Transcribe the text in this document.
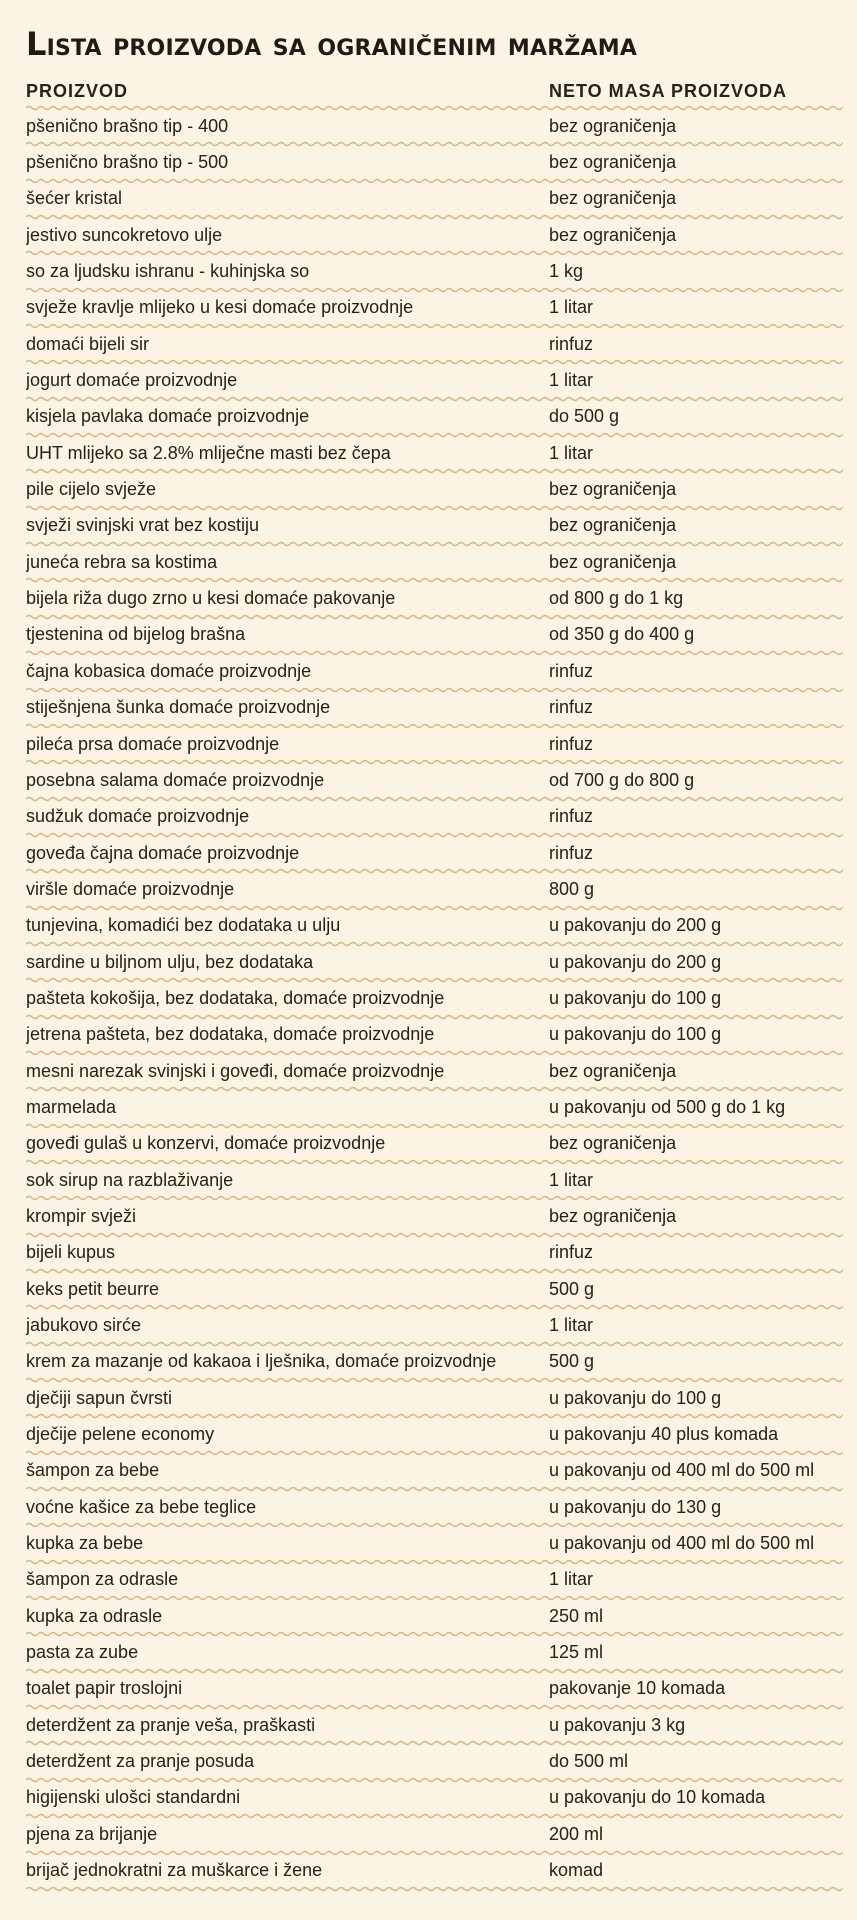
Lista proizvoda sa ograničenim maržama
PROIZVOD	NETO MASA PROIZVODA
pšenično brašno tip - 400	bez ograničenja
pšenično brašno tip - 500	bez ograničenja
šećer kristal	bez ograničenja
jestivo suncokretovo ulje	bez ograničenja
so za ljudsku ishranu - kuhinjska so	1 kg
svježe kravlje mlijeko u kesi domaće proizvodnje	1 litar
domaći bijeli sir	rinfuz
jogurt domaće proizvodnje	1 litar
kisjela pavlaka domaće proizvodnje	do 500 g
UHT mlijeko sa 2.8% mliječne masti bez čepa	1 litar
pile cijelo svježe	bez ograničenja
svježi svinjski vrat bez kostiju	bez ograničenja
juneća rebra sa kostima	bez ograničenja
bijela riža dugo zrno u kesi domaće pakovanje	od 800 g do 1 kg
tjestenina od bijelog brašna	od 350 g do 400 g
čajna kobasica domaće proizvodnje	rinfuz
stiješnjena šunka domaće proizvodnje	rinfuz
pileća prsa domaće proizvodnje	rinfuz
posebna salama domaće proizvodnje	od 700 g do 800 g
sudžuk domaće proizvodnje	rinfuz
goveđa čajna domaće proizvodnje	rinfuz
viršle domaće proizvodnje	800 g
tunjevina, komadići bez dodataka u ulju	u pakovanju do 200 g
sardine u biljnom ulju, bez dodataka	u pakovanju do 200 g
pašteta kokošija, bez dodataka, domaće proizvodnje	u pakovanju do 100 g
jetrena pašteta, bez dodataka, domaće proizvodnje	u pakovanju do 100 g
mesni narezak svinjski i goveđi, domaće proizvodnje	bez ograničenja
marmelada	u pakovanju od 500 g do 1 kg
goveđi gulaš u konzervi, domaće proizvodnje	bez ograničenja
sok sirup na razblaživanje	1 litar
krompir svježi	bez ograničenja
bijeli kupus	rinfuz
keks petit beurre	500 g
jabukovo sirće	1 litar
krem za mazanje od kakaoa i lješnika, domaće proizvodnje	500 g
dječiji sapun čvrsti	u pakovanju do 100 g
dječije pelene economy	u pakovanju 40 plus komada
šampon za bebe	u pakovanju od 400 ml do 500 ml
voćne kašice za bebe teglice	u pakovanju do 130 g
kupka za bebe	u pakovanju od 400 ml do 500 ml
šampon za odrasle	1 litar
kupka za odrasle	250 ml
pasta za zube	125 ml
toalet papir troslojni	pakovanje 10 komada
deterdžent za pranje veša, praškasti	u pakovanju 3 kg
deterdžent za pranje posuda	do 500 ml
higijenski ulošci standardni	u pakovanju do 10 komada
pjena za brijanje	200 ml
brijač jednokratni za muškarce i žene	komad
